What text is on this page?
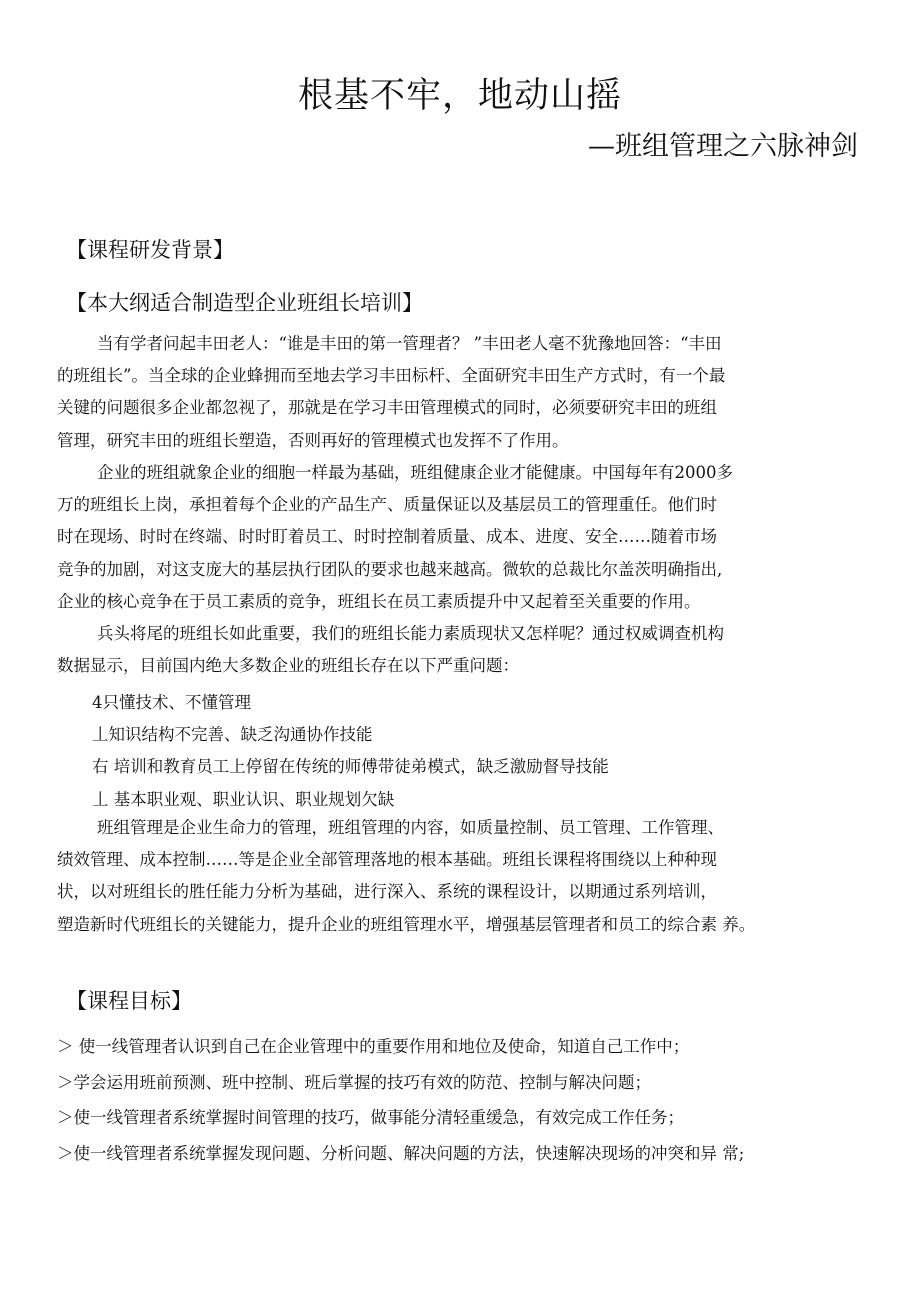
根基不牢，地动山摇
—班组管理之六脉神剑
【课程研发背景】
【本大纲适合制造型企业班组长培训】

当有学者问起丰田老人：“谁是丰田的第一管理者？ ”丰田老人毫不犹豫地回答：“丰田
的班组长”。当全球的企业蜂拥而至地去学习丰田标杆、全面研究丰田生产方式时，有一个最
关键的问题很多企业都忽视了，那就是在学习丰田管理模式的同时，必须要研究丰田的班组
管理，研究丰田的班组长塑造，否则再好的管理模式也发挥不了作用。

企业的班组就象企业的细胞一样最为基础，班组健康企业才能健康。中国每年有2000多
万的班组长上岗，承担着每个企业的产品生产、质量保证以及基层员工的管理重任。他们时
时在现场、时时在终端、时时盯着员工、时时控制着质量、成本、进度、安全……随着市场
竞争的加剧，对这支庞大的基层执行团队的要求也越来越高。微软的总裁比尔盖茨明确指出,
企业的核心竞争在于员工素质的竞争，班组长在员工素质提升中又起着至关重要的作用。

兵头将尾的班组长如此重要，我们的班组长能力素质现状又怎样呢？通过权威调查机构
数据显示，目前国内绝大多数企业的班组长存在以下严重问题：

4只懂技术、不懂管理

丄知识结构不完善、缺乏沟通协作技能

右 培训和教育员工上停留在传统的师傅带徒弟模式，缺乏激励督导技能

丄 基本职业观、职业认识、职业规划欠缺

班组管理是企业生命力的管理，班组管理的内容，如质量控制、员工管理、工作管理、
绩效管理、成本控制……等是企业全部管理落地的根本基础。班组长课程将围绕以上种种现
状，以对班组长的胜任能力分析为基础，进行深入、系统的课程设计，以期通过系列培训，
塑造新时代班组长的关键能力，提升企业的班组管理水平，增强基层管理者和员工的综合素 养。

【课程目标】
＞ 使一线管理者认识到自己在企业管理中的重要作用和地位及使命，知道自己工作中；
＞学会运用班前预测、班中控制、班后掌握的技巧有效的防范、控制与解决问题；
＞使一线管理者系统掌握时间管理的技巧，做事能分清轻重缓急，有效完成工作任务；
＞使一线管理者系统掌握发现问题、分析问题、解决问题的方法，快速解决现场的冲突和异 常;
